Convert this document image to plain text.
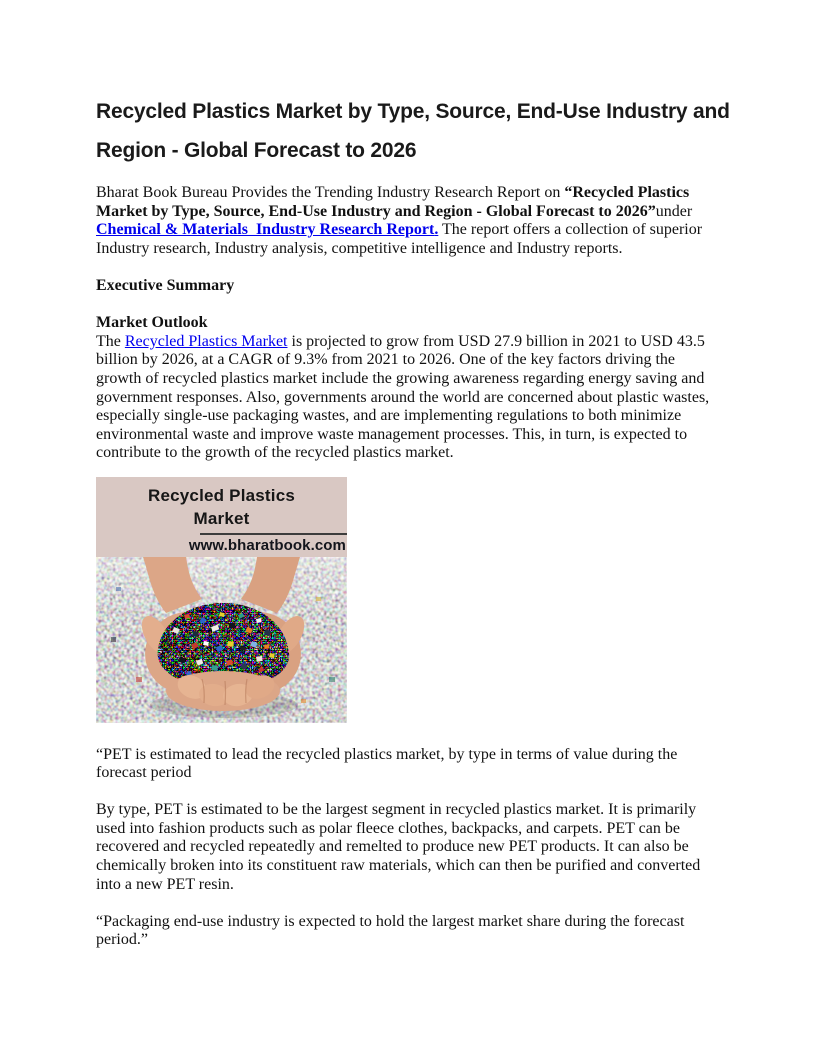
Recycled Plastics Market by Type, Source, End-Use Industry and
Region - Global Forecast to 2026

Bharat Book Bureau Provides the Trending Industry Research Report on “Recycled Plastics Market by Type, Source, End-Use Industry and Region - Global Forecast to 2026”under Chemical & Materials  Industry Research Report. The report offers a collection of superior Industry research, Industry analysis, competitive intelligence and Industry reports.

Executive Summary

Market Outlook
The Recycled Plastics Market is projected to grow from USD 27.9 billion in 2021 to USD 43.5 billion by 2026, at a CAGR of 9.3% from 2021 to 2026. One of the key factors driving the growth of recycled plastics market include the growing awareness regarding energy saving and government responses. Also, governments around the world are concerned about plastic wastes, especially single-use packaging wastes, and are implementing regulations to both minimize environmental waste and improve waste management processes. This, in turn, is expected to contribute to the growth of the recycled plastics market.

Recycled Plastics Market
www.bharatbook.com

“PET is estimated to lead the recycled plastics market, by type in terms of value during the forecast period

By type, PET is estimated to be the largest segment in recycled plastics market. It is primarily used into fashion products such as polar fleece clothes, backpacks, and carpets. PET can be recovered and recycled repeatedly and remelted to produce new PET products. It can also be chemically broken into its constituent raw materials, which can then be purified and converted into a new PET resin.

“Packaging end-use industry is expected to hold the largest market share during the forecast period.”
